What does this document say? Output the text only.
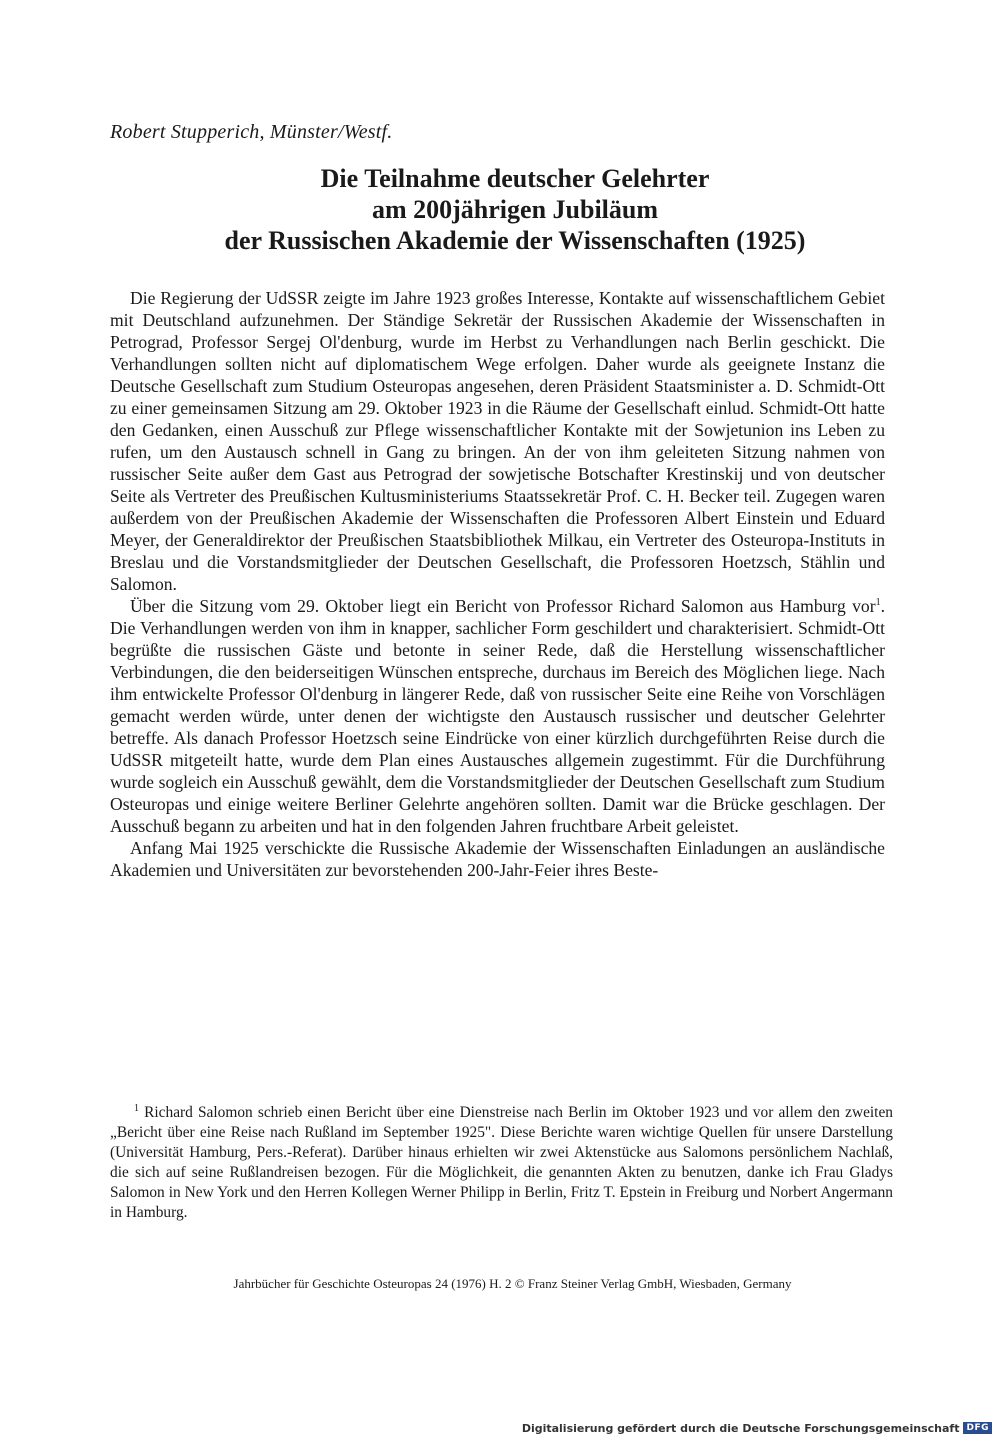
Robert Stupperich, Münster/Westf.
Die Teilnahme deutscher Gelehrter
am 200jährigen Jubiläum
der Russischen Akademie der Wissenschaften (1925)

Die Regierung der UdSSR zeigte im Jahre 1923 großes Interesse, Kontakte auf wissenschaftlichem Gebiet mit Deutschland aufzunehmen. Der Ständige Sekretär der Russischen Akademie der Wissenschaften in Petrograd, Professor Sergej Ol'denburg, wurde im Herbst zu Verhandlungen nach Berlin geschickt. Die Verhandlungen sollten nicht auf diplomatischem Wege erfolgen. Daher wurde als geeignete Instanz die Deutsche Gesellschaft zum Studium Osteuropas angesehen, deren Präsident Staatsminister a. D. Schmidt-Ott zu einer gemeinsamen Sitzung am 29. Oktober 1923 in die Räume der Gesellschaft einlud. Schmidt-Ott hatte den Gedanken, einen Ausschuß zur Pflege wissenschaftlicher Kontakte mit der Sowjetunion ins Leben zu rufen, um den Austausch schnell in Gang zu bringen. An der von ihm geleiteten Sitzung nahmen von russischer Seite außer dem Gast aus Petrograd der sowjetische Botschafter Krestinskij und von deutscher Seite als Vertreter des Preußischen Kultusministeriums Staatssekretär Prof. C. H. Becker teil. Zugegen waren außerdem von der Preußischen Akademie der Wissenschaften die Professoren Albert Einstein und Eduard Meyer, der Generaldirektor der Preußischen Staatsbibliothek Milkau, ein Vertreter des Osteuropa-Instituts in Breslau und die Vorstandsmitglieder der Deutschen Gesellschaft, die Professoren Hoetzsch, Stählin und Salomon.

Über die Sitzung vom 29. Oktober liegt ein Bericht von Professor Richard Salomon aus Hamburg vor$^1$. Die Verhandlungen werden von ihm in knapper, sachlicher Form geschildert und charakterisiert. Schmidt-Ott begrüßte die russischen Gäste und betonte in seiner Rede, daß die Herstellung wissenschaftlicher Verbindungen, die den beiderseitigen Wünschen entspreche, durchaus im Bereich des Möglichen liege. Nach ihm entwickelte Professor Ol'denburg in längerer Rede, daß von russischer Seite eine Reihe von Vorschlägen gemacht werden würde, unter denen der wichtigste den Austausch russischer und deutscher Gelehrter betreffe. Als danach Professor Hoetzsch seine Eindrücke von einer kürzlich durchgeführten Reise durch die UdSSR mitgeteilt hatte, wurde dem Plan eines Austausches allgemein zugestimmt. Für die Durchführung wurde sogleich ein Ausschuß gewählt, dem die Vorstandsmitglieder der Deutschen Gesellschaft zum Studium Osteuropas und einige weitere Berliner Gelehrte angehören sollten. Damit war die Brücke geschlagen. Der Ausschuß begann zu arbeiten und hat in den folgenden Jahren fruchtbare Arbeit geleistet.

Anfang Mai 1925 verschickte die Russische Akademie der Wissenschaften Einladungen an ausländische Akademien und Universitäten zur bevorstehenden 200-Jahr-Feier ihres Beste-

$^1$ Richard Salomon schrieb einen Bericht über eine Dienstreise nach Berlin im Oktober 1923 und vor allem den zweiten „Bericht über eine Reise nach Rußland im September 1925". Diese Berichte waren wichtige Quellen für unsere Darstellung (Universität Hamburg, Pers.-Referat). Darüber hinaus erhielten wir zwei Aktenstücke aus Salomons persönlichem Nachlaß, die sich auf seine Rußlandreisen bezogen. Für die Möglichkeit, die genannten Akten zu benutzen, danke ich Frau Gladys Salomon in New York und den Herren Kollegen Werner Philipp in Berlin, Fritz T. Epstein in Freiburg und Norbert Angermann in Hamburg.

Jahrbücher für Geschichte Osteuropas 24 (1976) H. 2 © Franz Steiner Verlag GmbH, Wiesbaden, Germany
Digitalisierung gefördert durch die Deutsche Forschungsgemeinschaft DFG
